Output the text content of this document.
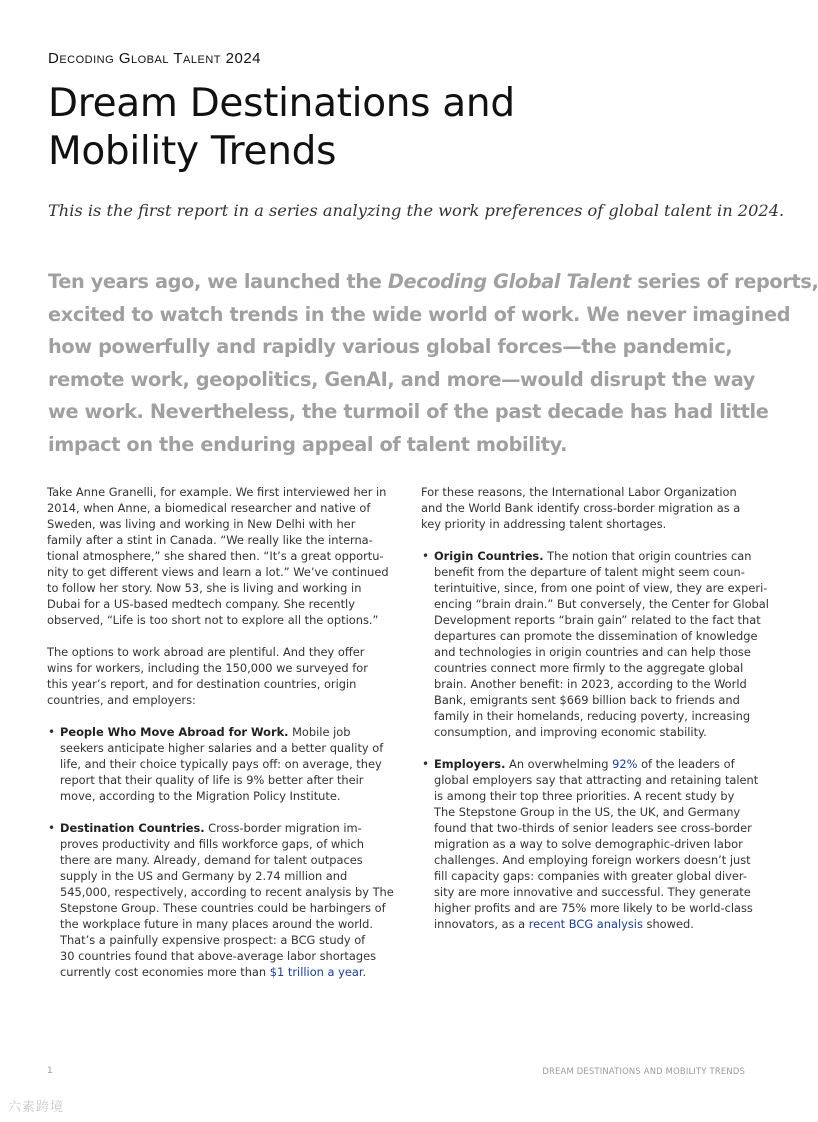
Decoding Global Talent 2024
Dream Destinations and
Mobility Trends
This is the first report in a series analyzing the work preferences of global talent in 2024.
Ten years ago, we launched the Decoding Global Talent series of reports,
excited to watch trends in the wide world of work. We never imagined
how powerfully and rapidly various global forces—the pandemic,
remote work, geopolitics, GenAI, and more—would disrupt the way
we work. Nevertheless, the turmoil of the past decade has had little
impact on the enduring appeal of talent mobility.
Take Anne Granelli, for example. We first interviewed her in
2014, when Anne, a biomedical researcher and native of
Sweden, was living and working in New Delhi with her
family after a stint in Canada. “We really like the interna-
tional atmosphere,” she shared then. “It’s a great opportu-
nity to get different views and learn a lot.” We’ve continued
to follow her story. Now 53, she is living and working in
Dubai for a US-based medtech company. She recently
observed, “Life is too short not to explore all the options.”
The options to work abroad are plentiful. And they offer
wins for workers, including the 150,000 we surveyed for
this year’s report, and for destination countries, origin
countries, and employers:
• People Who Move Abroad for Work. Mobile job
seekers anticipate higher salaries and a better quality of
life, and their choice typically pays off: on average, they
report that their quality of life is 9% better after their
move, according to the Migration Policy Institute.
• Destination Countries. Cross-border migration im-
proves productivity and fills workforce gaps, of which
there are many. Already, demand for talent outpaces
supply in the US and Germany by 2.74 million and
545,000, respectively, according to recent analysis by The
Stepstone Group. These countries could be harbingers of
the workplace future in many places around the world.
That’s a painfully expensive prospect: a BCG study of
30 countries found that above-average labor shortages
currently cost economies more than $1 trillion a year.
For these reasons, the International Labor Organization
and the World Bank identify cross-border migration as a
key priority in addressing talent shortages.
• Origin Countries. The notion that origin countries can
benefit from the departure of talent might seem coun-
terintuitive, since, from one point of view, they are experi-
encing “brain drain.” But conversely, the Center for Global
Development reports “brain gain” related to the fact that
departures can promote the dissemination of knowledge
and technologies in origin countries and can help those
countries connect more firmly to the aggregate global
brain. Another benefit: in 2023, according to the World
Bank, emigrants sent $669 billion back to friends and
family in their homelands, reducing poverty, increasing
consumption, and improving economic stability.
• Employers. An overwhelming 92% of the leaders of
global employers say that attracting and retaining talent
is among their top three priorities. A recent study by
The Stepstone Group in the US, the UK, and Germany
found that two-thirds of senior leaders see cross-border
migration as a way to solve demographic-driven labor
challenges. And employing foreign workers doesn’t just
fill capacity gaps: companies with greater global diver-
sity are more innovative and successful. They generate
higher profits and are 75% more likely to be world-class
innovators, as a recent BCG analysis showed.
1	DREAM DESTINATIONS AND MOBILITY TRENDS
六素跨境
